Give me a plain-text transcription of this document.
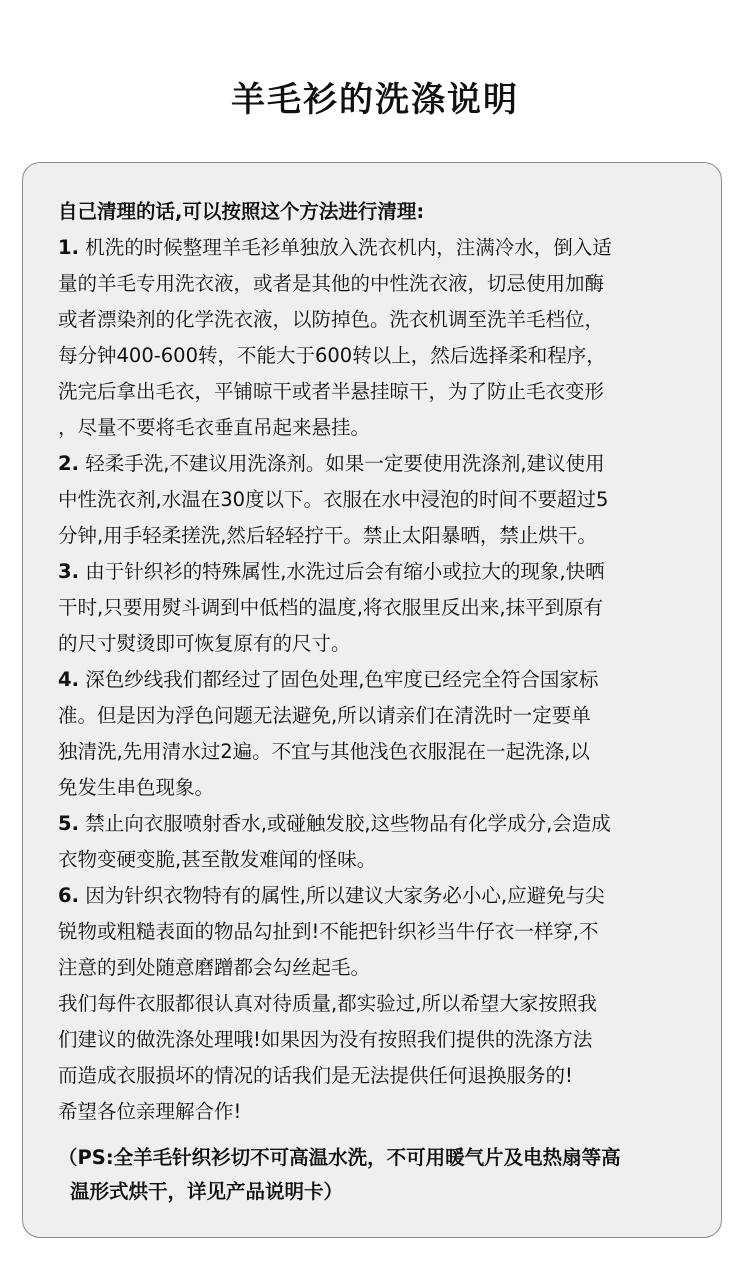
羊毛衫的洗涤说明
自己清理的话,可以按照这个方法进行清理:
1. 机洗的时候整理羊毛衫单独放入洗衣机内，注满冷水，倒入适
量的羊毛专用洗衣液，或者是其他的中性洗衣液，切忌使用加酶
或者漂染剂的化学洗衣液，以防掉色。洗衣机调至洗羊毛档位，
每分钟400-600转，不能大于600转以上，然后选择柔和程序，
洗完后拿出毛衣，平铺晾干或者半悬挂晾干，为了防止毛衣变形
，尽量不要将毛衣垂直吊起来悬挂。
2. 轻柔手洗,不建议用洗涤剂。如果一定要使用洗涤剂,建议使用
中性洗衣剂,水温在30度以下。衣服在水中浸泡的时间不要超过5
分钟,用手轻柔搓洗,然后轻轻拧干。禁止太阳暴晒，禁止烘干。
3. 由于针织衫的特殊属性,水洗过后会有缩小或拉大的现象,快晒
干时,只要用熨斗调到中低档的温度,将衣服里反出来,抹平到原有
的尺寸熨烫即可恢复原有的尺寸。
4. 深色纱线我们都经过了固色处理,色牢度已经完全符合国家标
准。但是因为浮色问题无法避免,所以请亲们在清洗时一定要单
独清洗,先用清水过2遍。不宜与其他浅色衣服混在一起洗涤,以
免发生串色现象。
5. 禁止向衣服喷射香水,或碰触发胶,这些物品有化学成分,会造成
衣物变硬变脆,甚至散发难闻的怪味。
6. 因为针织衣物特有的属性,所以建议大家务必小心,应避免与尖
锐物或粗糙表面的物品勾扯到!不能把针织衫当牛仔衣一样穿,不
注意的到处随意磨蹭都会勾丝起毛。
我们每件衣服都很认真对待质量,都实验过,所以希望大家按照我
们建议的做洗涤处理哦!如果因为没有按照我们提供的洗涤方法
而造成衣服损坏的情况的话我们是无法提供任何退换服务的!
希望各位亲理解合作!
（PS:全羊毛针织衫切不可高温水洗，不可用暖气片及电热扇等高
温形式烘干，详见产品说明卡）
